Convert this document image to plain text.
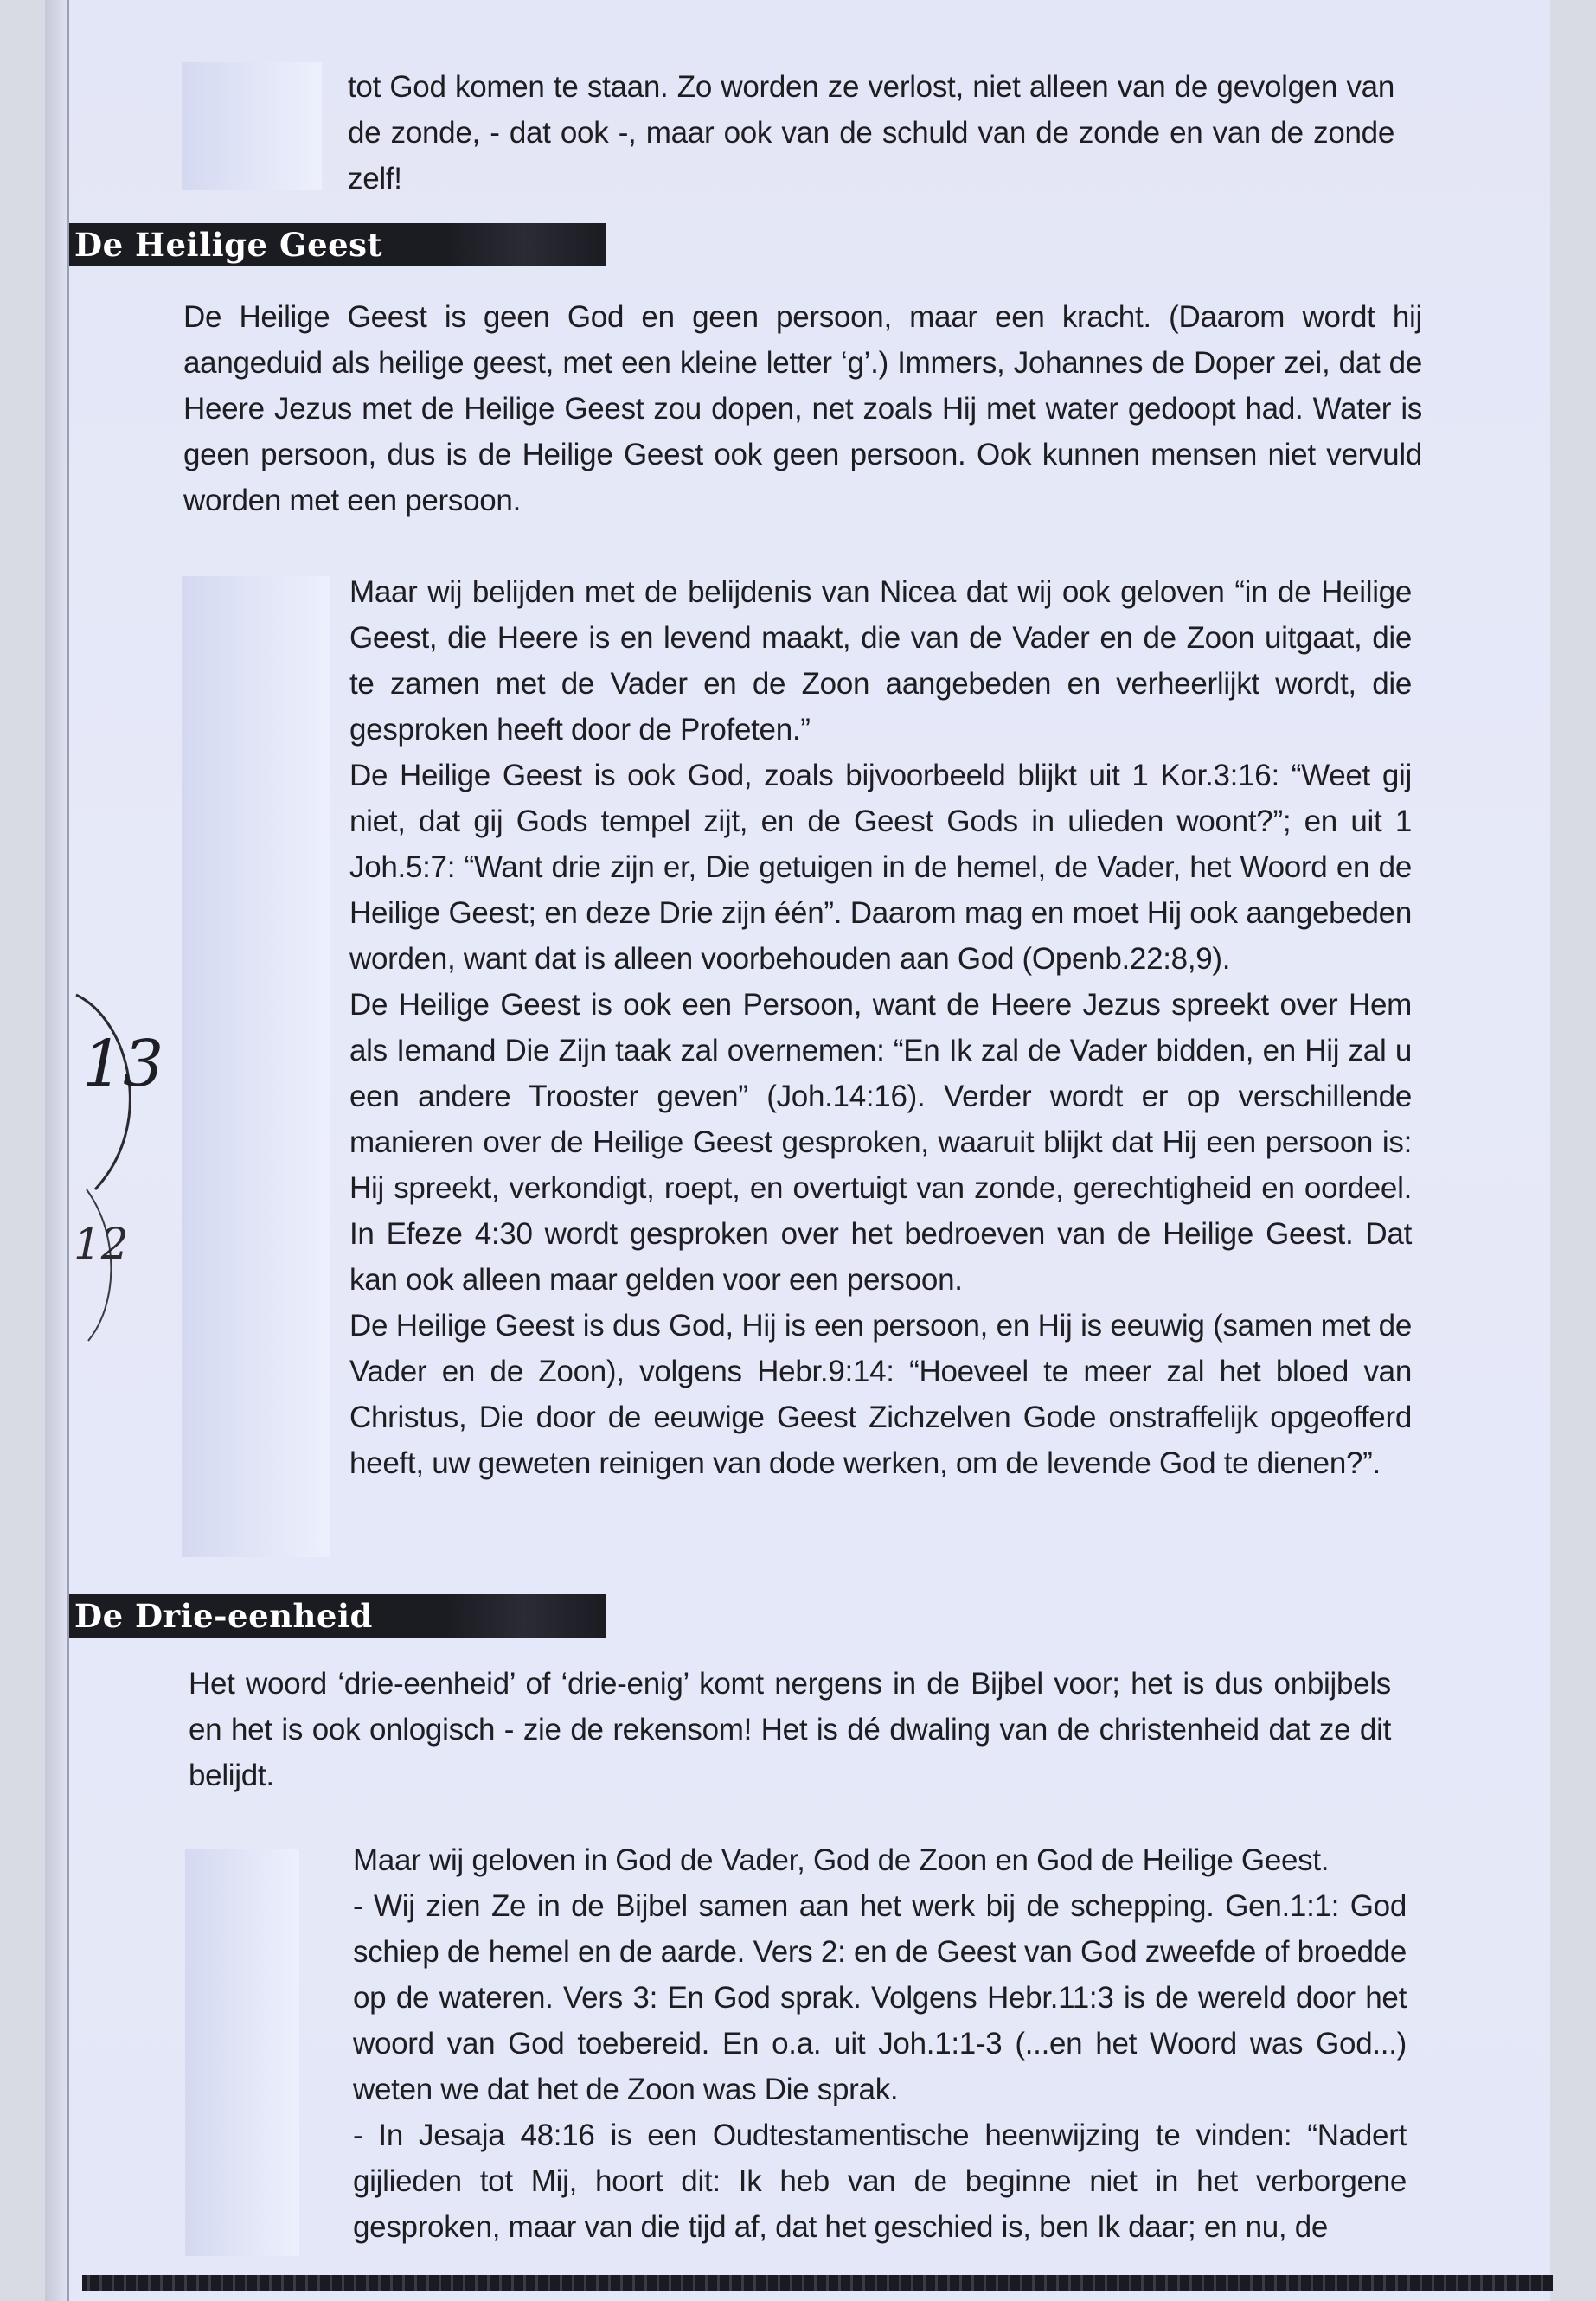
tot God komen te staan. Zo worden ze verlost, niet alleen van de gevolgen van de zonde, - dat ook -, maar ook van de schuld van de zonde en van de zonde zelf!

De Heilige Geest

De Heilige Geest is geen God en geen persoon, maar een kracht. (Daarom wordt hij aangeduid als heilige geest, met een kleine letter ‘g’.) Immers, Johannes de Doper zei, dat de Heere Jezus met de Heilige Geest zou dopen, net zoals Hij met water gedoopt had. Water is geen persoon, dus is de Heilige Geest ook geen persoon. Ook kunnen mensen niet vervuld worden met een persoon.

Maar wij belijden met de belijdenis van Nicea dat wij ook geloven “in de Heilige Geest, die Heere is en levend maakt, die van de Vader en de Zoon uitgaat, die te zamen met de Vader en de Zoon aangebeden en verheerlijkt wordt, die gesproken heeft door de Profeten.”

De Heilige Geest is ook God, zoals bijvoorbeeld blijkt uit 1 Kor.3:16: “Weet gij niet, dat gij Gods tempel zijt, en de Geest Gods in ulieden woont?”; en uit 1 Joh.5:7: “Want drie zijn er, Die getuigen in de hemel, de Vader, het Woord en de Heilige Geest; en deze Drie zijn één”. Daarom mag en moet Hij ook aangebeden worden, want dat is alleen voorbehouden aan God (Openb.22:8,9).

De Heilige Geest is ook een Persoon, want de Heere Jezus spreekt over Hem als Iemand Die Zijn taak zal overnemen: “En Ik zal de Vader bidden, en Hij zal u een andere Trooster geven” (Joh.14:16). Verder wordt er op verschillende manieren over de Heilige Geest gesproken, waaruit blijkt dat Hij een persoon is: Hij spreekt, verkondigt, roept, en overtuigt van zonde, gerechtigheid en oordeel. In Efeze 4:30 wordt gesproken over het bedroeven van de Heilige Geest. Dat kan ook alleen maar gelden voor een persoon.

De Heilige Geest is dus God, Hij is een persoon, en Hij is eeuwig (samen met de Vader en de Zoon), volgens Hebr.9:14: “Hoeveel te meer zal het bloed van Christus, Die door de eeuwige Geest Zichzelven Gode onstraffelijk opgeofferd heeft, uw geweten reinigen van dode werken, om de levende God te dienen?”.

De Drie-eenheid

Het woord ‘drie-eenheid’ of ‘drie-enig’ komt nergens in de Bijbel voor; het is dus onbijbels en het is ook onlogisch - zie de rekensom! Het is dé dwaling van de christenheid dat ze dit belijdt.

Maar wij geloven in God de Vader, God de Zoon en God de Heilige Geest.

- Wij zien Ze in de Bijbel samen aan het werk bij de schepping. Gen.1:1: God schiep de hemel en de aarde. Vers 2: en de Geest van God zweefde of broedde op de wateren. Vers 3: En God sprak. Volgens Hebr.11:3 is de wereld door het woord van God toebereid. En o.a. uit Joh.1:1-3 (...en het Woord was God...) weten we dat het de Zoon was Die sprak.

- In Jesaja 48:16 is een Oudtestamentische heenwijzing te vinden: “Nadert gijlieden tot Mij, hoort dit: Ik heb van de beginne niet in het verborgene gesproken, maar van die tijd af, dat het geschied is, ben Ik daar; en nu, de

13
12
